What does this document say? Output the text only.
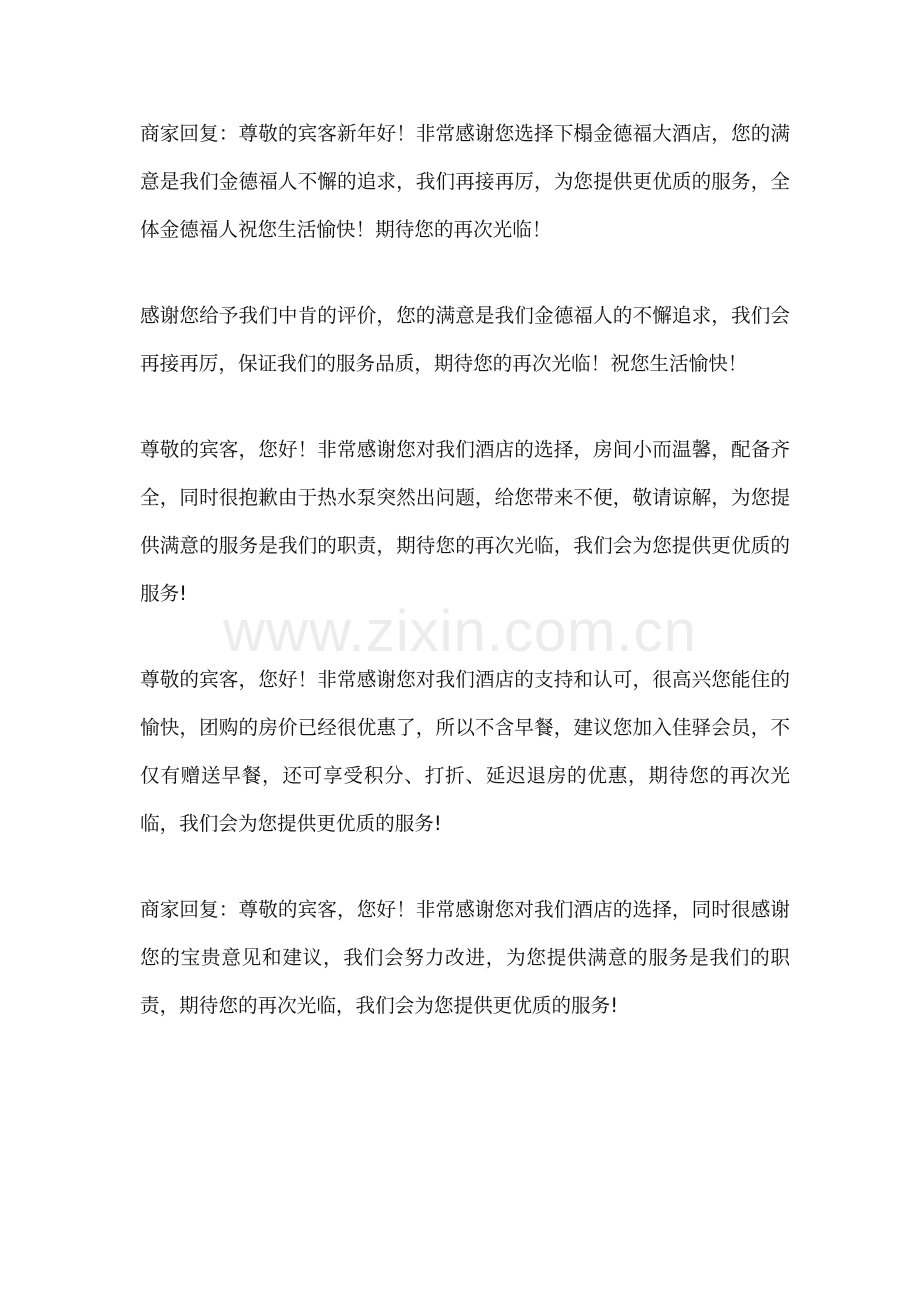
www.zixin.com.cn

商家回复：尊敬的宾客新年好！非常感谢您选择下榻金德福大酒店，您的满意是我们金德福人不懈的追求，我们再接再厉，为您提供更优质的服务，全体金德福人祝您生活愉快！期待您的再次光临！

感谢您给予我们中肯的评价，您的满意是我们金德福人的不懈追求，我们会再接再厉，保证我们的服务品质，期待您的再次光临！祝您生活愉快！

尊敬的宾客，您好！非常感谢您对我们酒店的选择，房间小而温馨，配备齐全，同时很抱歉由于热水泵突然出问题，给您带来不便，敬请谅解，为您提供满意的服务是我们的职责，期待您的再次光临，我们会为您提供更优质的服务!

尊敬的宾客，您好！非常感谢您对我们酒店的支持和认可，很高兴您能住的愉快，团购的房价已经很优惠了，所以不含早餐，建议您加入佳驿会员，不仅有赠送早餐，还可享受积分、打折、延迟退房的优惠，期待您的再次光临，我们会为您提供更优质的服务!

商家回复：尊敬的宾客，您好！非常感谢您对我们酒店的选择，同时很感谢您的宝贵意见和建议，我们会努力改进，为您提供满意的服务是我们的职责，期待您的再次光临，我们会为您提供更优质的服务!
